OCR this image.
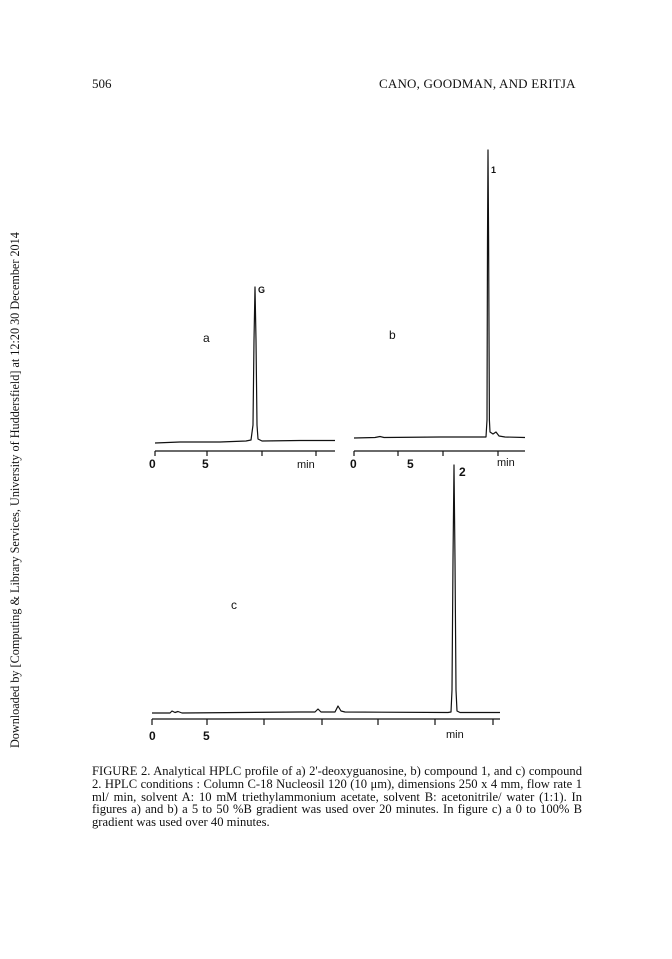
506	CANO, GOODMAN, AND ERITJA
Downloaded by [Computing & Library Services, University of Huddersfield] at 12:20 30 December 2014	a	b
c
G
1
2
0	5	min	0	5	min
0	5	min
FIGURE 2. Analytical HPLC profile of a) 2'-deoxyguanosine, b) compound 1, and c) compound 2. HPLC conditions : Column C-18 Nucleosil 120 (10 μm), dimensions 250 x 4 mm, flow rate 1 ml/ min, solvent A: 10 mM triethylammonium acetate, solvent B: acetonitrile/ water (1:1). In figures a) and b) a 5 to 50 %B gradient was used over 20 minutes. In figure c) a 0 to 100% B gradient was used over 40 minutes.
